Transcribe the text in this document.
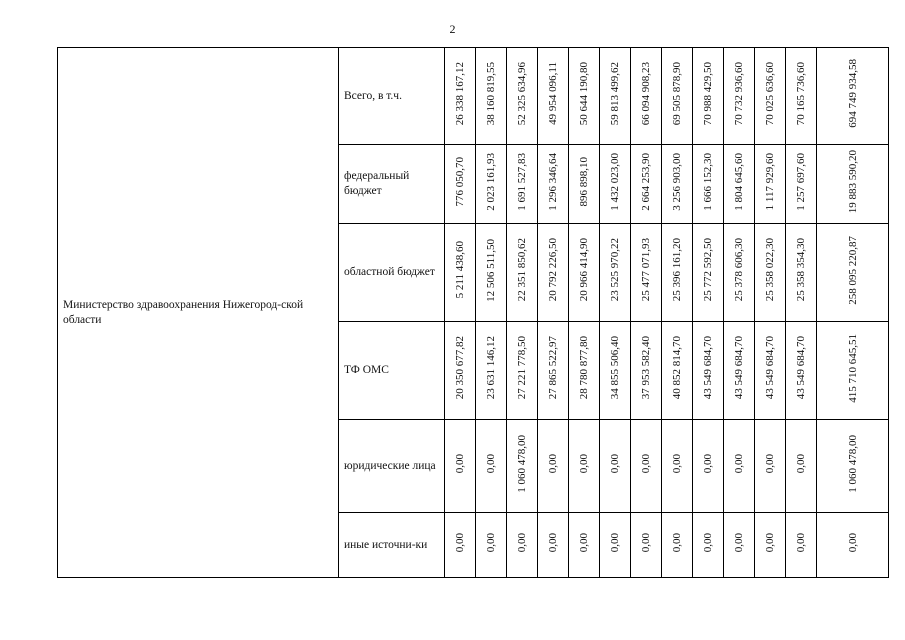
2
Министерство здравоохранения Нижегород-ской области	Всего, в т.ч.	26 338 167,12	38 160 819,55	52 325 634,96	49 954 096,11	50 644 190,80	59 813 499,62	66 094 908,23	69 505 878,90	70 988 429,50	70 732 936,60	70 025 636,60	70 165 736,60	694 749 934,58
	федеральный бюджет	776 050,70	2 023 161,93	1 691 527,83	1 296 346,64	896 898,10	1 432 023,00	2 664 253,90	3 256 903,00	1 666 152,30	1 804 645,60	1 117 929,60	1 257 697,60	19 883 590,20
	областной бюджет	5 211 438,60	12 506 511,50	22 351 850,62	20 792 226,50	20 966 414,90	23 525 970,22	25 477 071,93	25 396 161,20	25 772 592,50	25 378 606,30	25 358 022,30	25 358 354,30	258 095 220,87
	ТФ ОМС	20 350 677,82	23 631 146,12	27 221 778,50	27 865 522,97	28 780 877,80	34 855 506,40	37 953 582,40	40 852 814,70	43 549 684,70	43 549 684,70	43 549 684,70	43 549 684,70	415 710 645,51
	юридические лица	0,00	0,00	1 060 478,00	0,00	0,00	0,00	0,00	0,00	0,00	0,00	0,00	0,00	1 060 478,00
	иные источни-ки	0,00	0,00	0,00	0,00	0,00	0,00	0,00	0,00	0,00	0,00	0,00	0,00	0,00
